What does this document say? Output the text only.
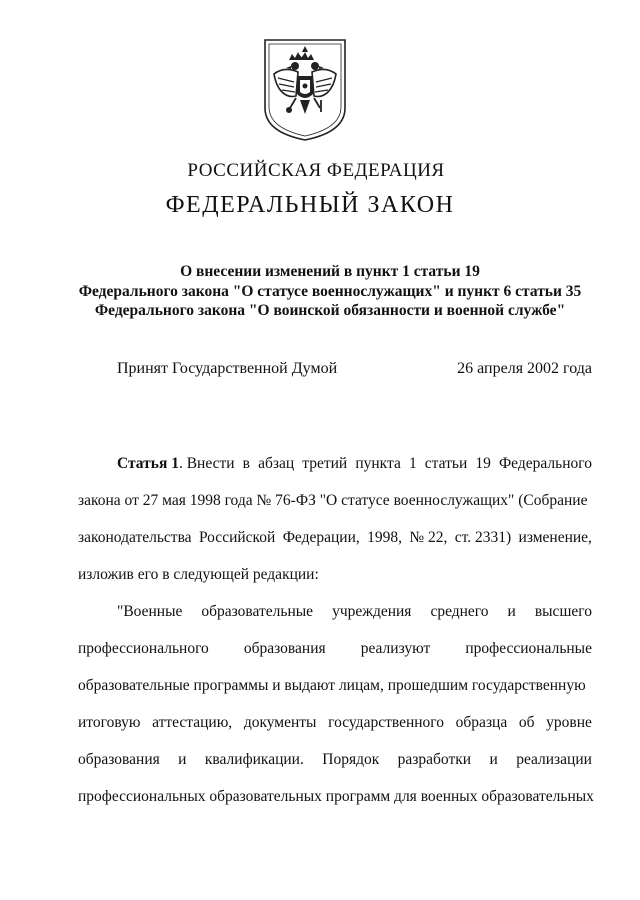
РОССИЙСКАЯ ФЕДЕРАЦИЯ
ФЕДЕРАЛЬНЫЙ ЗАКОН
О внесении изменений в пункт 1 статьи 19
Федерального закона "О статусе военнослужащих" и пункт 6 статьи 35
Федерального закона "О воинской обязанности и военной службе"
Принят Государственной Думой	26 апреля 2002 года
Статья 1. Внести в абзац третий пункта 1 статьи 19 Федерального
закона от 27 мая 1998 года № 76-ФЗ "О статусе военнослужащих" (Собрание
законодательства Российской Федерации, 1998, № 22, ст. 2331) изменение,
изложив его в следующей редакции:
"Военные образовательные учреждения среднего и высшего
профессионального образования реализуют профессиональные
образовательные программы и выдают лицам, прошедшим государственную
итоговую аттестацию, документы государственного образца об уровне
образования и квалификации. Порядок разработки и реализации
профессиональных образовательных программ для военных образовательных
